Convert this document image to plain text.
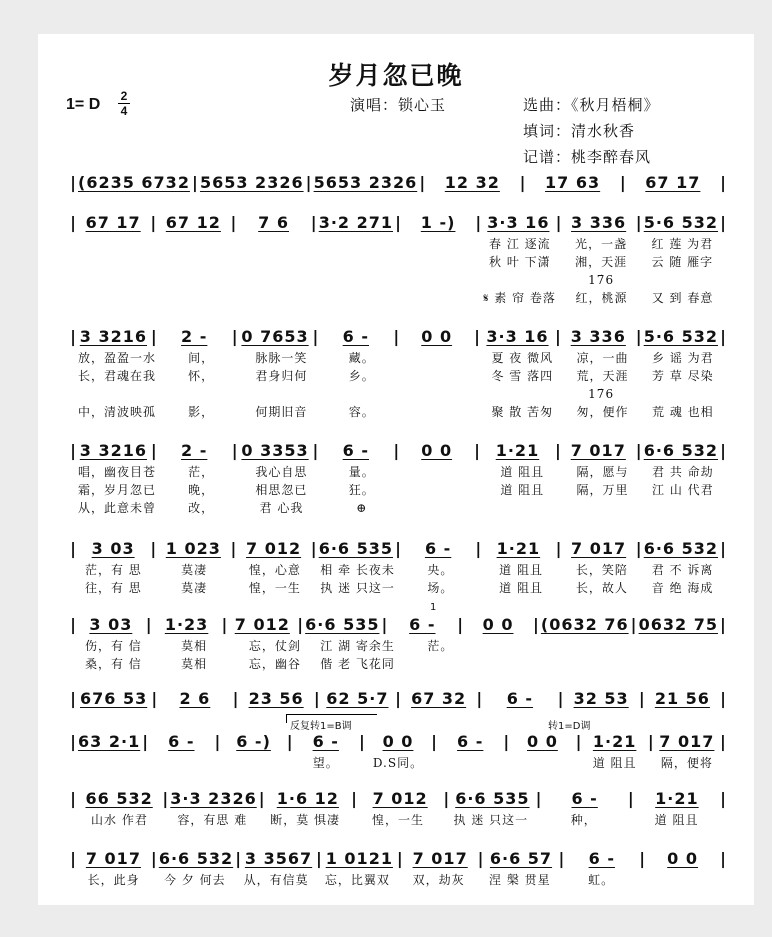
岁月忽已晚
1= D 2
4	演唱：锁心玉	选曲：《秋月梧桐》
填词：清水秋香
记谱：桃李醉春风
| (6235 6732 | 5653 2326 | 5653 2326 |	12 32	|	17 63	|	67 17	|
| 67 17 | 67 12 |	7 6	| 3·2 271 |	1 -)	| 3·3 16 | 3 336 | 5·6 532 |
春 江 逐流	光，一盏	红 莲 为君
秋 叶 下潇	湘，天涯	云 随 雁字
17̇6
𝄋 素 帘 卷落	红，桃源	又 到 春意
| 3 3216 |	2 -	| 0 7653 |	6 -	|	0 0	| 3·3 16 | 3 336 | 5·6 532 |
放，盈盈一水	间，	脉脉一笑	藏。	夏 夜 微风	凉，一曲	乡 谣 为君
长，君魂在我	怀，	君身归何	乡。	冬 雪 落四	荒，天涯	芳 草 尽染
17̇6
中，清波映孤	影，	何期旧音	容。	聚 散 苦匆	匆，便作	荒 魂 也相
| 3 3216 |	2 -	| 0 3353 |	6 -	|	0 0	| 1·21 | 7 017 | 6·6 532 |
唱，幽夜目苍	茫，	我心自思	量。	道 阻且	隔，愿与	君 共 命劫
霜，岁月忽已	晚，	相思忽已	狂。	道 阻且	隔，万里	江 山 代君
从，此意未曾	改，	君 心我	⊕
| 3 03 | 1 023 | 7 012 | 6·6 535 |	6 -	| 1·21 | 7 017 | 6·6 532 |
茫，有 思	莫凄	惶，心意	相 牵 长夜未	央。	道 阻且	长，笑陪	君 不 诉离
往，有 思	莫凄	惶，一生	执 迷 只这一	场。	道 阻且	长，故人	音 绝 海成
| 3 03 | 1·23 | 7 012 | 6·6 535 |	6 -	|	0 0	| (0632 76 | 0632 75 |
伤，有 信	莫相	忘，仗剑	江 湖 寄余生	茫。
桑，有 信	莫相	忘，幽谷	偕 老 飞花同
| 676 53 |	2 6	| 23 56 | 62 5·7 | 67 32 |	6 -	| 32 53 | 21 56 |
| 63 2·1 |	6 -	| 6 -) |	6 -	|	0 0	|	6 -	|	0 0	| 1·21 | 7 017 |
望。	D.S同。	道 阻且	隔，便将
| 66 532 | 3·3 2326 | 1·6 12 | 7 012 | 6·6 535 |	6 -	|	1·21	|
山水 作君	容，有思 难	断，莫 惧凄	惶，一生	执 迷 只这一	种，	道 阻且
| 7 017 | 6·6 532 | 3 3567 | 1 0121 | 7 017 | 6·6 57 |	6 -	|	0 0	|
长，此身	今 夕 何去	从，有信莫 忘，比翼双	双，劫灰	涅 槃 贯星	虹。
反复转1=B调	转1=D调
1
